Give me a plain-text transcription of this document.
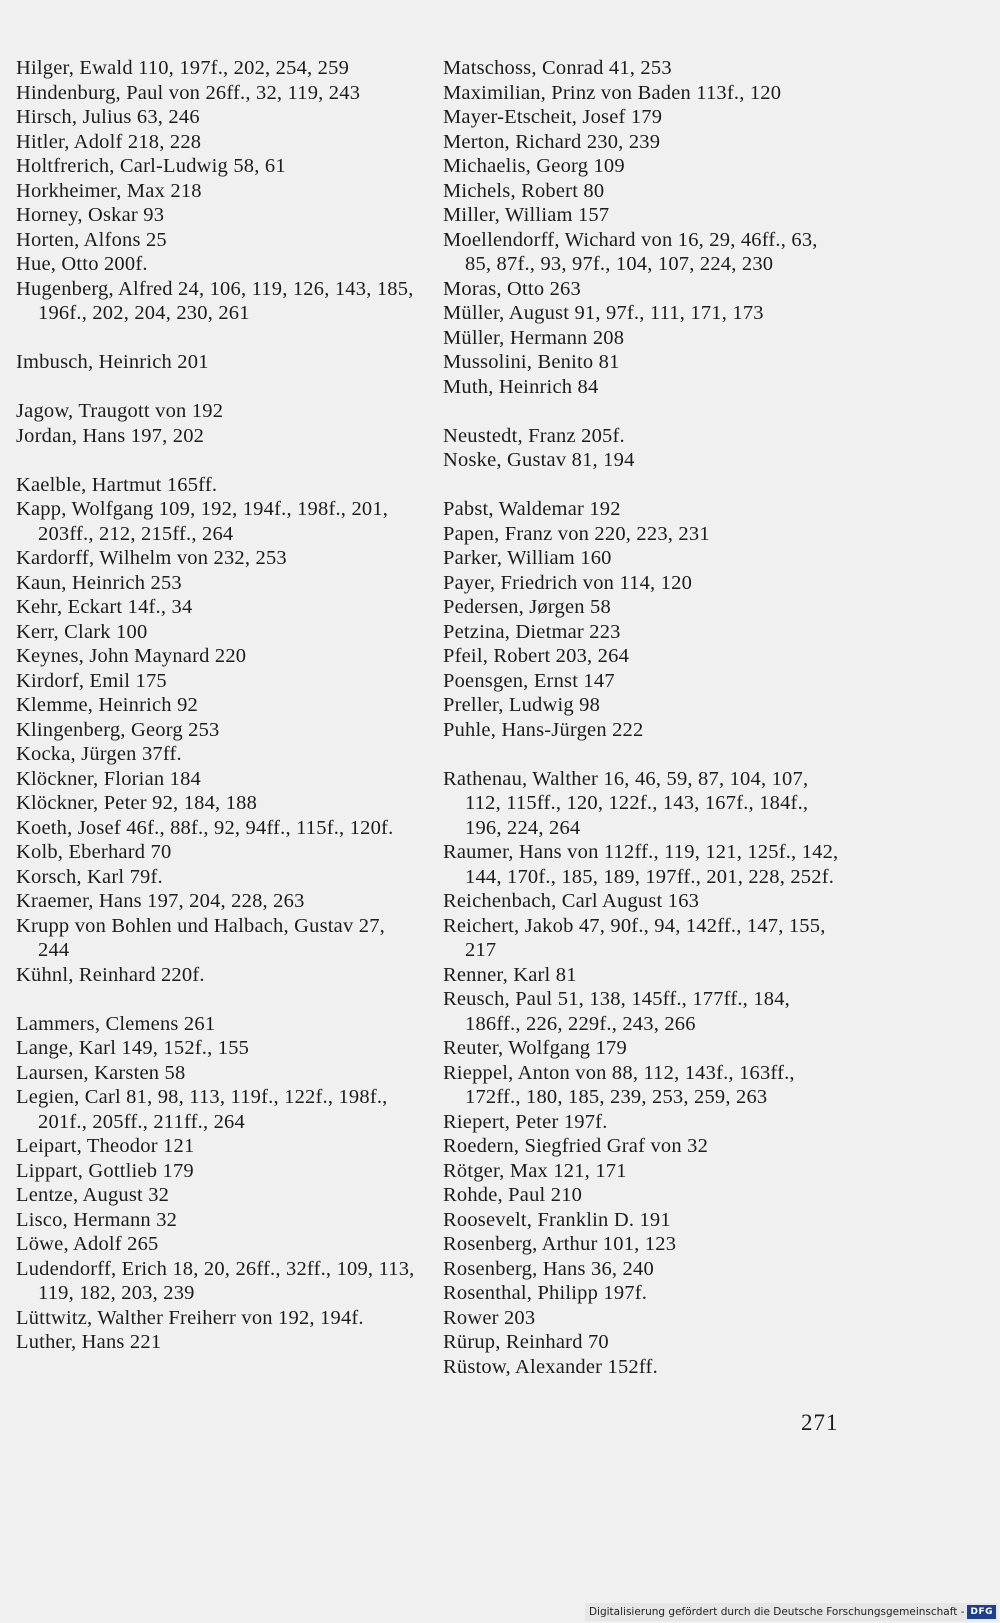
Hilger, Ewald 110, 197f., 202, 254, 259

Hindenburg, Paul von 26ff., 32, 119, 243

Hirsch, Julius 63, 246

Hitler, Adolf 218, 228

Holtfrerich, Carl-Ludwig 58, 61

Horkheimer, Max 218

Horney, Oskar 93

Horten, Alfons 25

Hue, Otto 200f.

Hugenberg, Alfred 24, 106, 119, 126, 143, 185, 196f., 202, 204, 230, 261

Imbusch, Heinrich 201

Jagow, Traugott von 192

Jordan, Hans 197, 202

Kaelble, Hartmut 165ff.

Kapp, Wolfgang 109, 192, 194f., 198f., 201, 203ff., 212, 215ff., 264

Kardorff, Wilhelm von 232, 253

Kaun, Heinrich 253

Kehr, Eckart 14f., 34

Kerr, Clark 100

Keynes, John Maynard 220

Kirdorf, Emil 175

Klemme, Heinrich 92

Klingenberg, Georg 253

Kocka, Jürgen 37ff.

Klöckner, Florian 184

Klöckner, Peter 92, 184, 188

Koeth, Josef 46f., 88f., 92, 94ff., 115f., 120f.

Kolb, Eberhard 70

Korsch, Karl 79f.

Kraemer, Hans 197, 204, 228, 263

Krupp von Bohlen und Halbach, Gustav 27, 244

Kühnl, Reinhard 220f.

Lammers, Clemens 261

Lange, Karl 149, 152f., 155

Laursen, Karsten 58

Legien, Carl 81, 98, 113, 119f., 122f., 198f., 201f., 205ff., 211ff., 264

Leipart, Theodor 121

Lippart, Gottlieb 179

Lentze, August 32

Lisco, Hermann 32

Löwe, Adolf 265

Ludendorff, Erich 18, 20, 26ff., 32ff., 109, 113, 119, 182, 203, 239

Lüttwitz, Walther Freiherr von 192, 194f.

Luther, Hans 221

Matschoss, Conrad 41, 253

Maximilian, Prinz von Baden 113f., 120

Mayer-Etscheit, Josef 179

Merton, Richard 230, 239

Michaelis, Georg 109

Michels, Robert 80

Miller, William 157

Moellendorff, Wichard von 16, 29, 46ff., 63, 85, 87f., 93, 97f., 104, 107, 224, 230

Moras, Otto 263

Müller, August 91, 97f., 111, 171, 173

Müller, Hermann 208

Mussolini, Benito 81

Muth, Heinrich 84

Neustedt, Franz 205f.

Noske, Gustav 81, 194

Pabst, Waldemar 192

Papen, Franz von 220, 223, 231

Parker, William 160

Payer, Friedrich von 114, 120

Pedersen, Jørgen 58

Petzina, Dietmar 223

Pfeil, Robert 203, 264

Poensgen, Ernst 147

Preller, Ludwig 98

Puhle, Hans-Jürgen 222

Rathenau, Walther 16, 46, 59, 87, 104, 107, 112, 115ff., 120, 122f., 143, 167f., 184f., 196, 224, 264

Raumer, Hans von 112ff., 119, 121, 125f., 142, 144, 170f., 185, 189, 197ff., 201, 228, 252f.

Reichenbach, Carl August 163

Reichert, Jakob 47, 90f., 94, 142ff., 147, 155, 217

Renner, Karl 81

Reusch, Paul 51, 138, 145ff., 177ff., 184, 186ff., 226, 229f., 243, 266

Reuter, Wolfgang 179

Rieppel, Anton von 88, 112, 143f., 163ff., 172ff., 180, 185, 239, 253, 259, 263

Riepert, Peter 197f.

Roedern, Siegfried Graf von 32

Rötger, Max 121, 171

Rohde, Paul 210

Roosevelt, Franklin D. 191

Rosenberg, Arthur 101, 123

Rosenberg, Hans 36, 240

Rosenthal, Philipp 197f.

Rower 203

Rürup, Reinhard 70

Rüstow, Alexander 152ff.

271
Digitalisierung gefördert durch die Deutsche Forschungsgemeinschaft - DFG
